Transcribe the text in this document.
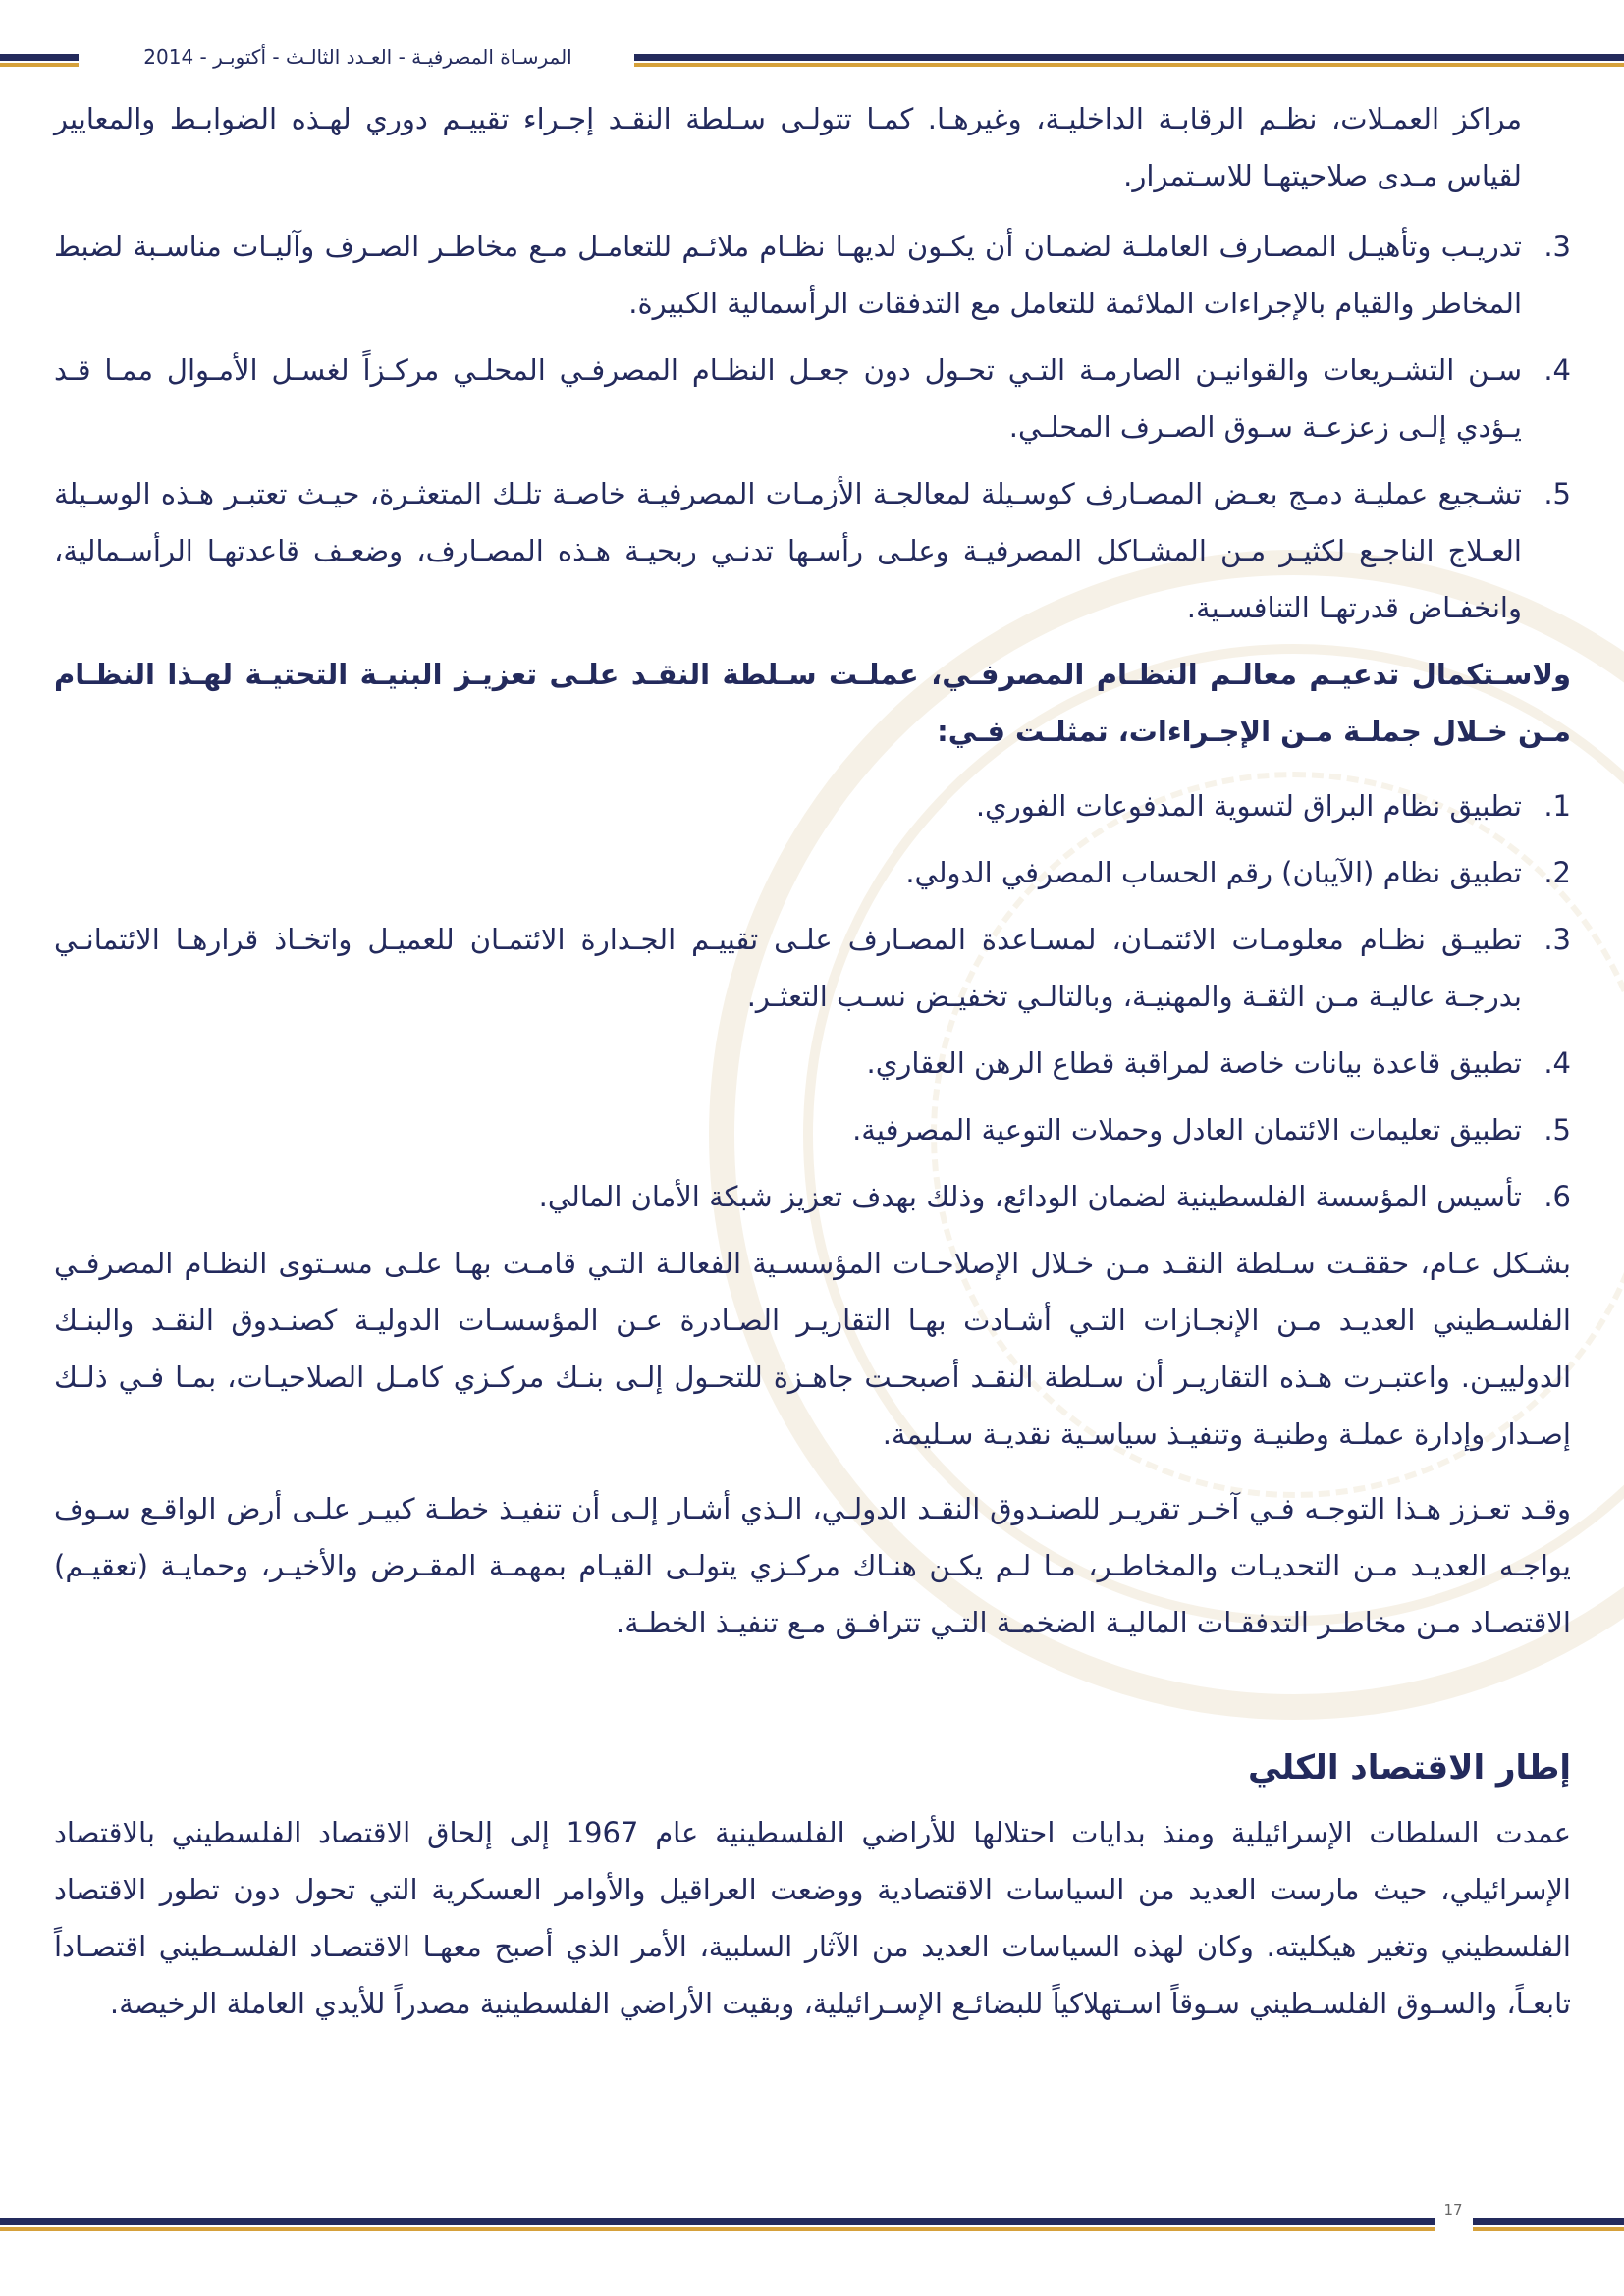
المرسـاة المصرفيـة - العـدد الثالـث - أكتوبـر - 2014

مراكز العمـلات، نظـم الرقابـة الداخليـة، وغيرهـا. كمـا تتولـى سـلطة النقـد إجـراء تقييـم دوري لهـذه الضوابـط والمعايير لقياس مـدى صلاحيتهـا للاسـتمرار.

3.
تدريـب وتأهيـل المصـارف العاملـة لضمـان أن يكـون لديهـا نظـام ملائـم للتعامـل مـع مخاطـر الصـرف وآليـات مناسـبة لضبط المخاطر والقيام بالإجراءات الملائمة للتعامل مع التدفقات الرأسمالية الكبيرة.
4.
سـن التشـريعات والقوانيـن الصارمـة التـي تحـول دون جعـل النظـام المصرفـي المحلـي مركـزاً لغسـل الأمـوال ممـا قـد يـؤدي إلـى زعزعـة سـوق الصـرف المحلـي.
5.
تشـجيع عمليـة دمـج بعـض المصـارف كوسـيلة لمعالجـة الأزمـات المصرفيـة خاصـة تلـك المتعثـرة، حيـث تعتبـر هـذه الوسـيلة العـلاج الناجـع لكثيـر مـن المشـاكل المصرفيـة وعلـى رأسـها تدنـي ربحيـة هـذه المصـارف، وضعـف قاعدتهـا الرأسـمالية، وانخفـاض قدرتهـا التنافسـية.

ولاسـتكمال تدعيـم معالـم النظـام المصرفـي، عملـت سـلطة النقـد علـى تعزيـز البنيـة التحتيـة لهـذا النظـام مـن خـلال جملـة مـن الإجـراءات، تمثلـت فـي:

1.
تطبيق نظام البراق لتسوية المدفوعات الفوري.
2.
تطبيق نظام (الآيبان) رقم الحساب المصرفي الدولي.
3.
تطبيـق نظـام معلومـات الائتمـان، لمسـاعدة المصـارف علـى تقييـم الجـدارة الائتمـان للعميـل واتخـاذ قرارهـا الائتمانـي بدرجـة عاليـة مـن الثقـة والمهنيـة، وبالتالـي تخفيـض نسـب التعثـر.
4.
تطبيق قاعدة بيانات خاصة لمراقبة قطاع الرهن العقاري.
5.
تطبيق تعليمات الائتمان العادل وحملات التوعية المصرفية.
6.
تأسيس المؤسسة الفلسطينية لضمان الودائع، وذلك بهدف تعزيز شبكة الأمان المالي.

بشـكل عـام، حققـت سـلطة النقـد مـن خـلال الإصلاحـات المؤسسـية الفعالـة التـي قامـت بهـا علـى مسـتوى النظـام المصرفـي الفلسـطيني العديـد مـن الإنجـازات التـي أشـادت بهـا التقاريـر الصـادرة عـن المؤسسـات الدوليـة كصنـدوق النقـد والبنـك الدولييـن. واعتبـرت هـذه التقاريـر أن سـلطة النقـد أصبحـت جاهـزة للتحـول إلـى بنـك مركـزي كامـل الصلاحيـات، بمـا فـي ذلـك إصـدار وإدارة عملـة وطنيـة وتنفيـذ سياسـية نقديـة سـليمة.

وقـد تعـزز هـذا التوجـه فـي آخـر تقريـر للصنـدوق النقـد الدولـي، الـذي أشـار إلـى أن تنفيـذ خطـة كبيـر علـى أرض الواقـع سـوف يواجـه العديـد مـن التحديـات والمخاطـر، مـا لـم يكـن هنـاك مركـزي يتولـى القيـام بمهمـة المقـرض والأخيـر، وحمايـة (تعقيـم) الاقتصـاد مـن مخاطـر التدفقـات الماليـة الضخمـة التـي تترافـق مـع تنفيـذ الخطـة.

إطار الاقتصاد الكلي

عمدت السلطات الإسرائيلية ومنذ بدايات احتلالها للأراضي الفلسطينية عام 1967 إلى إلحاق الاقتصاد الفلسطيني بالاقتصاد الإسرائيلي، حيث مارست العديد من السياسات الاقتصادية ووضعت العراقيل والأوامر العسكرية التي تحول دون تطور الاقتصاد الفلسطيني وتغير هيكليته. وكان لهذه السياسات العديد من الآثار السلبية، الأمر الذي أصبح معهـا الاقتصـاد الفلسـطيني اقتصـاداً تابعـاً، والسـوق الفلسـطيني سـوقاً اسـتهلاكياً للبضائـع الإسـرائيلية، وبقيت الأراضي الفلسطينية مصدراً للأيدي العاملة الرخيصة.

17
